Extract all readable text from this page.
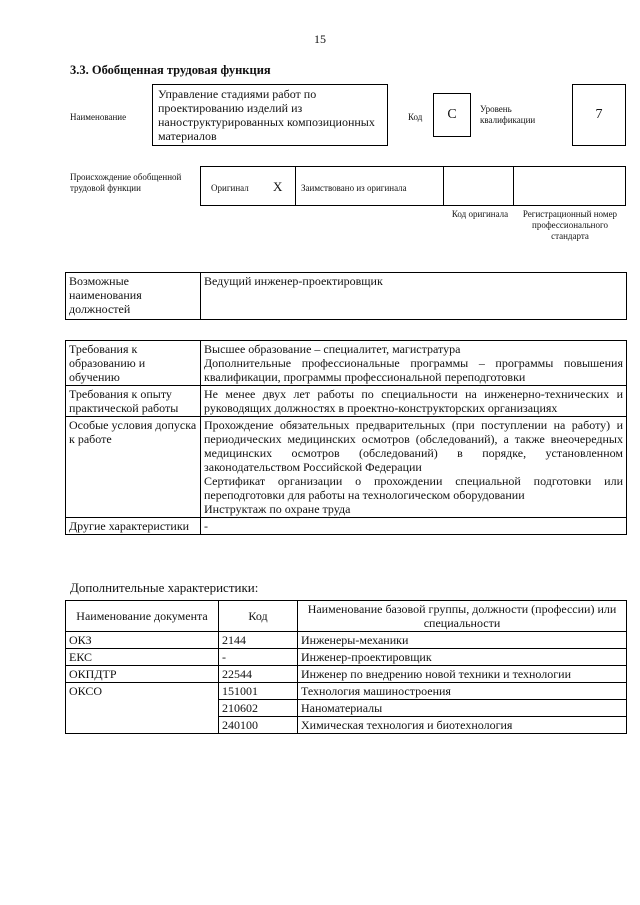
15
3.3. Обобщенная трудовая функция
Наименование
Управление стадиями работ по проектированию изделий из наноструктурированных композиционных материалов
Код	C	Уровень квалификации	7
Происхождение обобщенной трудовой функции	Оригинал X Заимствовано из оригинала
Код оригинала	Регистрационный номер профессионального стандарта
Возможные наименования должностей	Ведущий инженер-проектировщик
Требования к образованию и обучению	Высшее образование – специалитет, магистратура

Дополнительные профессиональные программы – программы повышения квалификации, программы профессиональной переподготовки

Требования к опыту практической работы	Не менее двух лет работы по специальности на инженерно-технических и руководящих должностях в проектно-конструкторских организациях

Особые условия допуска к работе	Прохождение обязательных предварительных (при поступлении на работу) и периодических медицинских осмотров (обследований), а также внеочередных медицинских осмотров (обследований) в порядке, установленном законодательством Российской Федерации

Сертификат организации о прохождении специальной подготовки или переподготовки для работы на технологическом оборудовании

Инструктаж по охране труда

Другие характеристики	-

Дополнительные характеристики:
Наименование документа	Код	Наименование базовой группы, должности (профессии) или специальности
ОКЗ	2144	Инженеры-механики
ЕКС	-	Инженер-проектировщик
ОКПДТР	22544	Инженер по внедрению новой техники и технологии
ОКСО	151001	Технология машиностроения
	210602	Наноматериалы
	240100	Химическая технология и биотехнология
